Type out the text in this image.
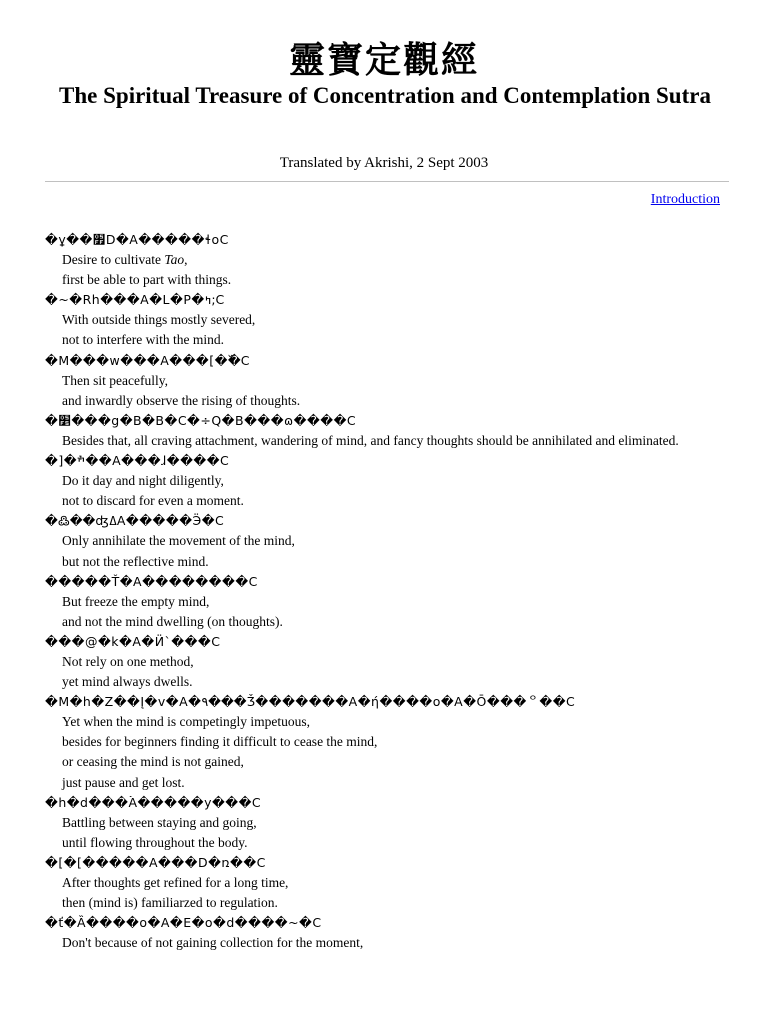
靈寶定觀經
The Spiritual Treasure of Concentration and Contemplation Sutra
Translated by Akrishi, 2 Sept 2003
Introduction
�ұ��׿D�A�����ɬoC
Desire to cultivate Tao,
first be able to part with things.
�~�Rh���A�L�P�ߤ;C
With outside things mostly severed,
not to interfere with the mind.
�M���w���A���[�߰�C
Then sit peacefully,
and inwardly observe the rising of thoughts.
�׵���g�B�B�C�÷Q�B���ɷ����C
Besides that, all craving attachment, wandering of mind, and fancy thoughts should be annihilated and eliminated.
�]�ׯ��A���ɺ����C
Do it day and night diligently,
not to discard for even a moment.
�߷��ʤߡA�����Ӭ�C
Only annihilate the movement of the mind,
but not the reflective mind.
�����Ť�A��������C
But freeze the empty mind,
and not the mind dwelling (on thoughts).
���@�k�A�Ӥ`���C
Not rely on one method,
yet mind always dwells.
�M�h�Z��Į�v�A�۹���Ǯ�������A�ή����o�A�Ō���ᄋ��C
Yet when the mind is competingly impetuous,
besides for beginners finding it difficult to cease the mind,
or ceasing the mind is not gained,
just pause and get lost.
�h�d���ۡA�����y���C
Battling between staying and going,
until flowing throughout the body.
�[�[�����A���D�ռ��C
After thoughts get refined for a long time,
then (mind is) familiarzed to regulation.
�ť�Ȁ����o�A�E�o�d����~�C
Don't because of not gaining collection for the moment,
